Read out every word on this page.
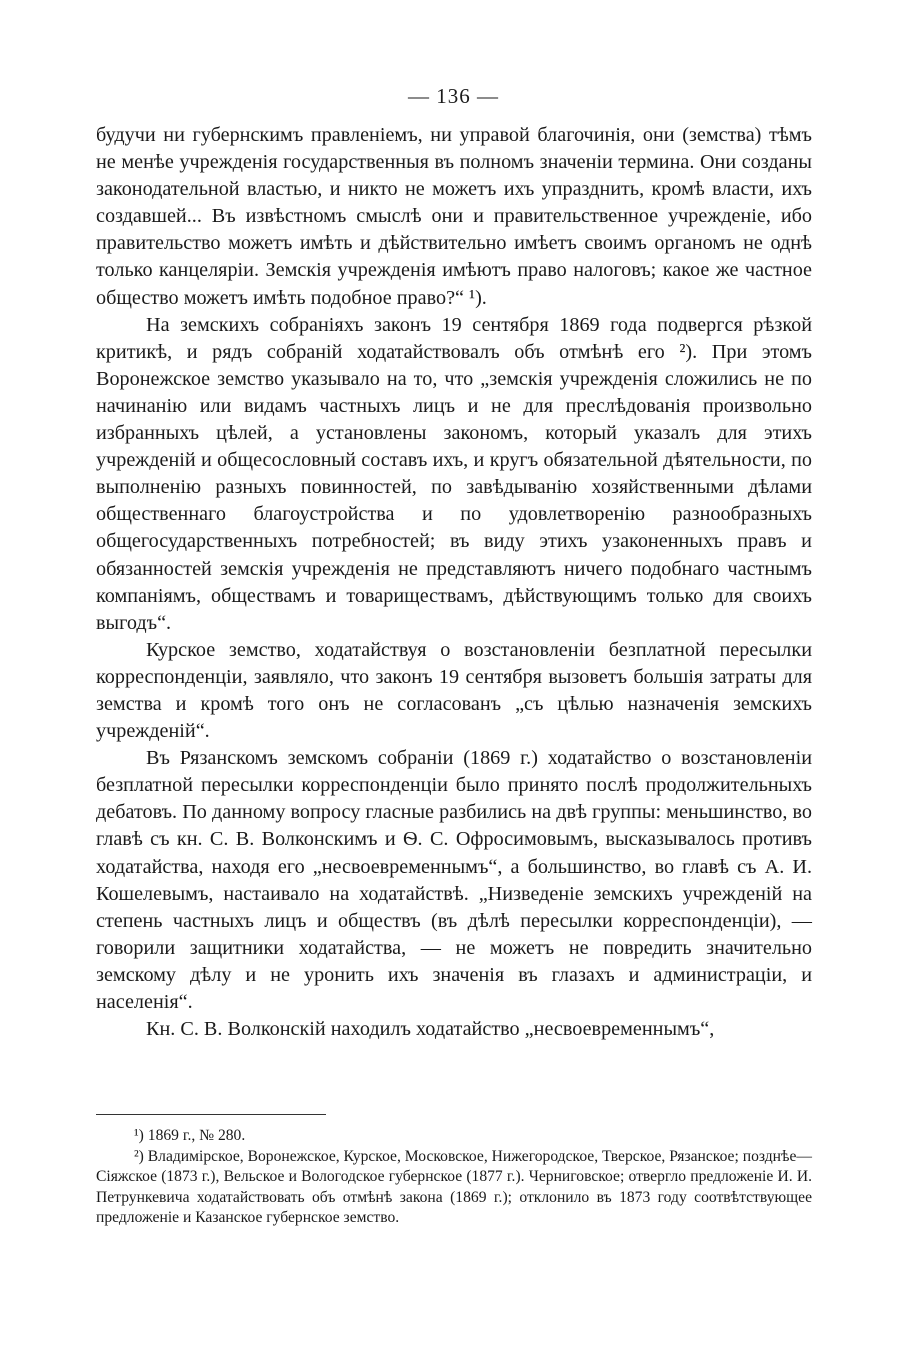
— 136 —

будучи ни губернскимъ правленіемъ, ни управой благочинія, они (земства) тѣмъ не менѣе учрежденія государственныя въ полномъ значеніи термина. Они созданы законодательной властью, и никто не можетъ ихъ упразднить, кромѣ власти, ихъ создавшей... Въ извѣстномъ смыслѣ они и правительственное учрежденіе, ибо правительство можетъ имѣть и дѣйствительно имѣетъ своимъ органомъ не однѣ только канцеляріи. Земскія учрежденія имѣютъ право налоговъ; какое же частное общество можетъ имѣть подобное право?“ ¹).

На земскихъ собраніяхъ законъ 19 сентября 1869 года подвергся рѣзкой критикѣ, и рядъ собраній ходатайствовалъ объ отмѣнѣ его ²). При этомъ Воронежское земство указывало на то, что „земскія учрежденія сложились не по начинанію или видамъ частныхъ лицъ и не для преслѣдованія произвольно избранныхъ цѣлей, а установлены закономъ, который указалъ для этихъ учрежденій и общесословный составъ ихъ, и кругъ обязательной дѣятельности, по выполненію разныхъ повинностей, по завѣдыванію хозяйственными дѣлами общественнаго благоустройства и по удовлетворенію разнообразныхъ общегосударственныхъ потребностей; въ виду этихъ узаконенныхъ правъ и обязанностей земскія учрежденія не представляютъ ничего подобнаго частнымъ компаніямъ, обществамъ и товариществамъ, дѣйствующимъ только для своихъ выгодъ“.

Курское земство, ходатайствуя о возстановленіи безплатной пересылки корреспонденціи, заявляло, что законъ 19 сентября вызоветъ большія затраты для земства и кромѣ того онъ не согласованъ „съ цѣлью назначенія земскихъ учрежденій“.

Въ Рязанскомъ земскомъ собраніи (1869 г.) ходатайство о возстановленіи безплатной пересылки корреспонденціи было принято послѣ продолжительныхъ дебатовъ. По данному вопросу гласные разбились на двѣ группы: меньшинство, во главѣ съ кн. С. В. Волконскимъ и Ѳ. С. Офросимовымъ, высказывалось противъ ходатайства, находя его „несвоевременнымъ“, а большинство, во главѣ съ А. И. Кошелевымъ, настаивало на ходатайствѣ. „Низведеніе земскихъ учрежденій на степень частныхъ лицъ и обществъ (въ дѣлѣ пересылки корреспонденціи), — говорили защитники ходатайства, — не можетъ не повредить значительно земскому дѣлу и не уронить ихъ значенія въ глазахъ и администраціи, и населенія“.

Кн. С. В. Волконскій находилъ ходатайство „несвоевременнымъ“,

¹) 1869 г., № 280.

²) Владимірское, Воронежское, Курское, Московское, Нижегородское, Тверское, Рязанское; позднѣе—Сіяжское (1873 г.), Вельское и Вологодское губернское (1877 г.). Черниговское; отвергло предложеніе И. И. Петрункевича ходатайствовать объ отмѣнѣ закона (1869 г.); отклонило въ 1873 году соотвѣтствующее предложеніе и Казанское губернское земство.
